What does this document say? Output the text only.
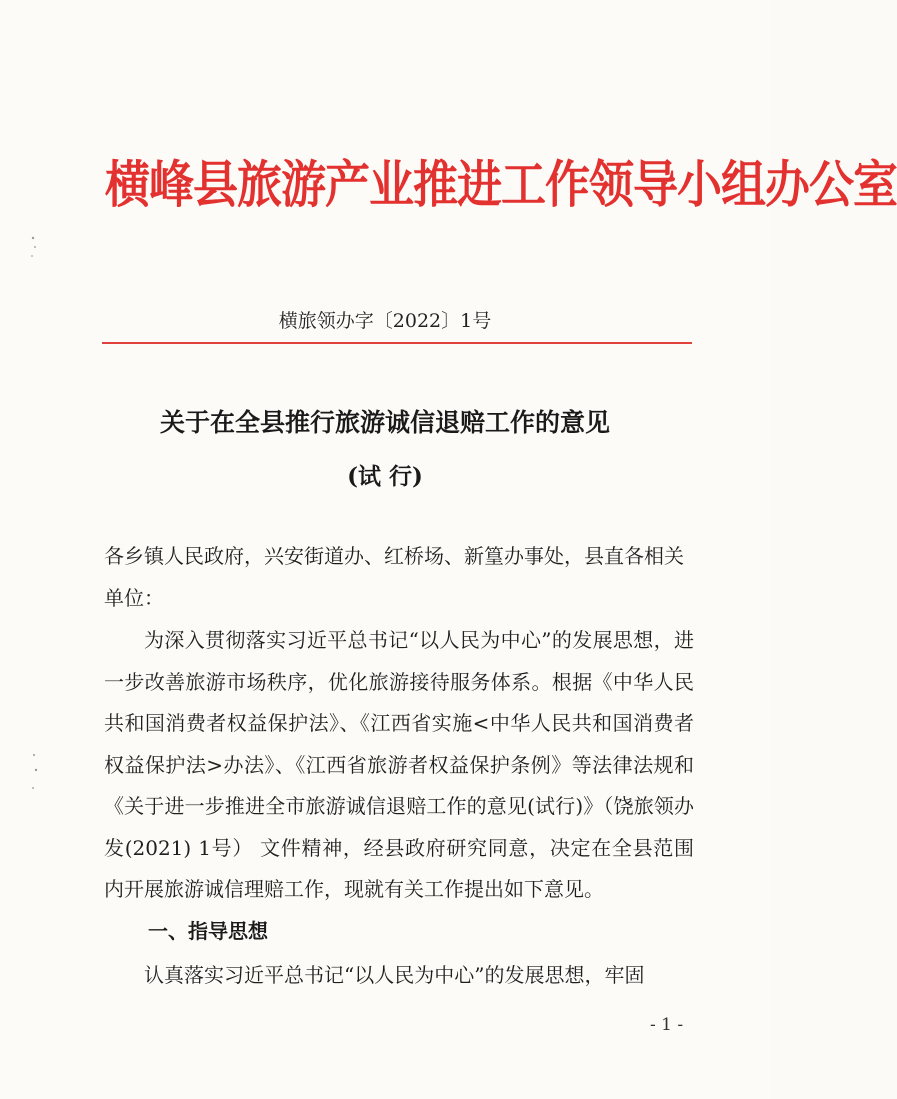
横峰县旅游产业推进工作领导小组办公室
横旅领办字〔2022〕1号
关于在全县推行旅游诚信退赔工作的意见
(试 行)
各乡镇人民政府，兴安街道办、红桥场、新篁办事处，县直各相关单位：
为深入贯彻落实习近平总书记“以人民为中心”的发展思想，进一步改善旅游市场秩序，优化旅游接待服务体系。根据《中华人民共和国消费者权益保护法》、《江西省实施<中华人民共和国消费者权益保护法>办法》、《江西省旅游者权益保护条例》等法律法规和《关于进一步推进全市旅游诚信退赔工作的意见(试行)》（饶旅领办发(2021) 1号） 文件精神，经县政府研究同意，决定在全县范围内开展旅游诚信理赔工作，现就有关工作提出如下意见。
一、指导思想
认真落实习近平总书记“以人民为中心”的发展思想，牢固
- 1 -
